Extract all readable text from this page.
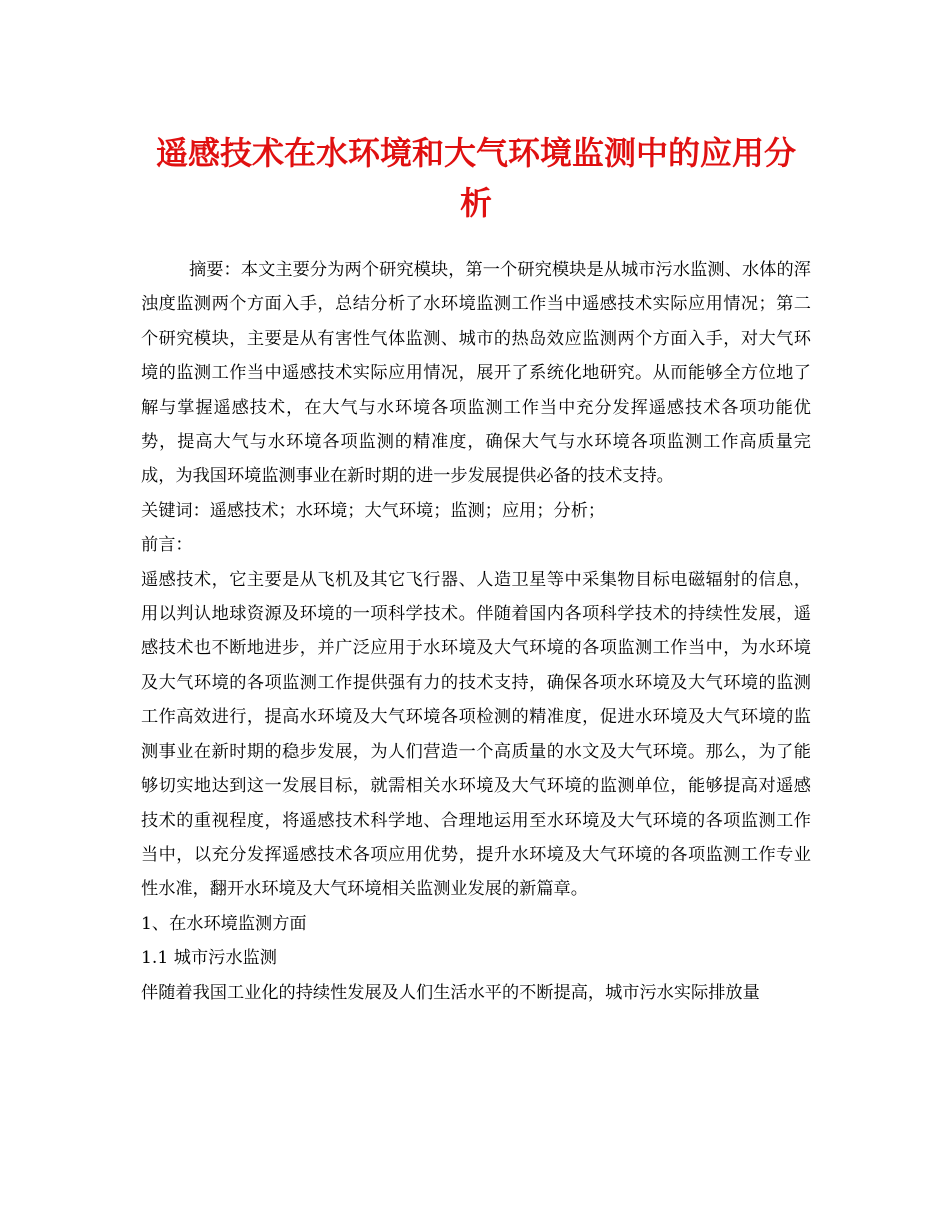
遥感技术在水环境和大气环境监测中的应用分析

摘要：本文主要分为两个研究模块，第一个研究模块是从城市污水监测、水体的浑浊度监测两个方面入手，总结分析了水环境监测工作当中遥感技术实际应用情况；第二个研究模块，主要是从有害性气体监测、城市的热岛效应监测两个方面入手，对大气环境的监测工作当中遥感技术实际应用情况，展开了系统化地研究。从而能够全方位地了解与掌握遥感技术，在大气与水环境各项监测工作当中充分发挥遥感技术各项功能优势，提高大气与水环境各项监测的精准度，确保大气与水环境各项监测工作高质量完成，为我国环境监测事业在新时期的进一步发展提供必备的技术支持。

关键词：遥感技术；水环境；大气环境；监测；应用；分析；

前言：

遥感技术，它主要是从飞机及其它飞行器、人造卫星等中采集物目标电磁辐射的信息，用以判认地球资源及环境的一项科学技术。伴随着国内各项科学技术的持续性发展，遥感技术也不断地进步，并广泛应用于水环境及大气环境的各项监测工作当中，为水环境及大气环境的各项监测工作提供强有力的技术支持，确保各项水环境及大气环境的监测工作高效进行，提高水环境及大气环境各项检测的精准度，促进水环境及大气环境的监测事业在新时期的稳步发展，为人们营造一个高质量的水文及大气环境。那么，为了能够切实地达到这一发展目标，就需相关水环境及大气环境的监测单位，能够提高对遥感技术的重视程度，将遥感技术科学地、合理地运用至水环境及大气环境的各项监测工作当中，以充分发挥遥感技术各项应用优势，提升水环境及大气环境的各项监测工作专业性水准，翻开水环境及大气环境相关监测业发展的新篇章。

1、在水环境监测方面

1.1 城市污水监测

伴随着我国工业化的持续性发展及人们生活水平的不断提高，城市污水实际排放量
